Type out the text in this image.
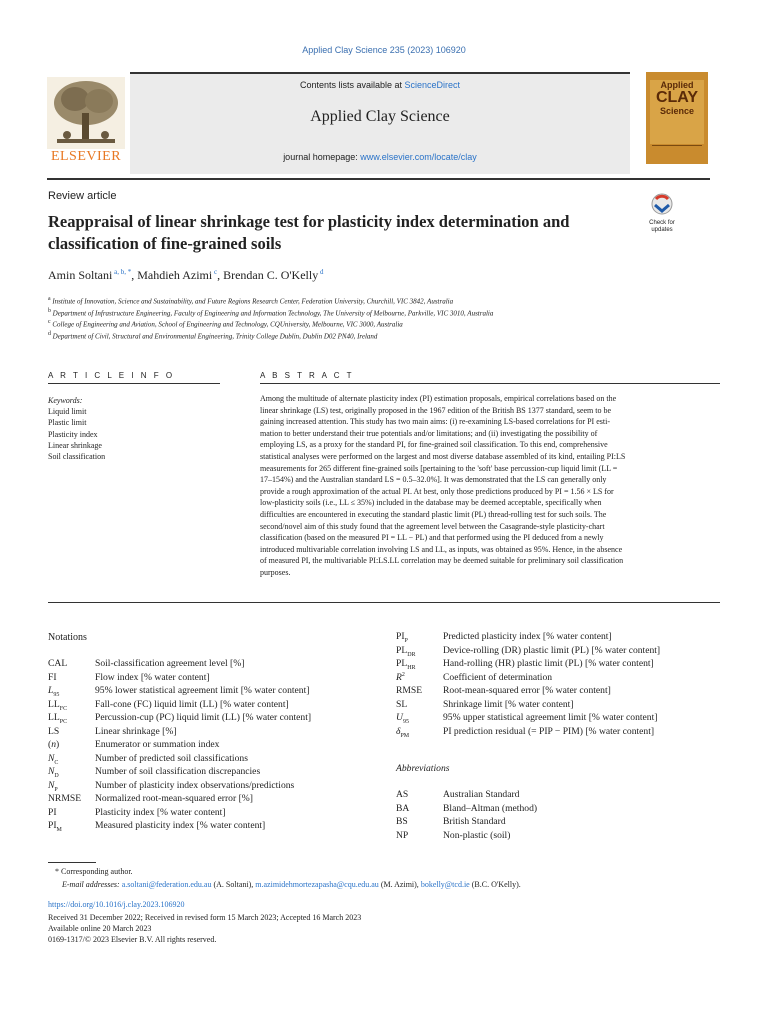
Applied Clay Science 235 (2023) 106920
ELSEVIER
Contents lists available at ScienceDirect
Applied Clay Science
journal homepage: www.elsevier.com/locate/clay
Applied
CLAY
Science
Review article
Reappraisal of linear shrinkage test for plasticity index determination and
classification of fine-grained soils
Check for updates
Amin Soltani $^{a, b, *}$, Mahdieh Azimi $^c$, Brendan C. O'Kelly $^d$
$^a$ Institute of Innovation, Science and Sustainability, and Future Regions Research Center, Federation University, Churchill, VIC 3842, Australia
$^b$ Department of Infrastructure Engineering, Faculty of Engineering and Information Technology, The University of Melbourne, Parkville, VIC 3010, Australia
$^c$ College of Engineering and Aviation, School of Engineering and Technology, CQUniversity, Melbourne, VIC 3000, Australia
$^d$ Department of Civil, Structural and Environmental Engineering, Trinity College Dublin, Dublin D02 PN40, Ireland
A R T I C L E I N F O	A B S T R A C T
Keywords:
Liquid limit
Plastic limit
Plasticity index
Linear shrinkage
Soil classification
Among the multitude of alternate plasticity index (PI) estimation proposals, empirical correlations based on the
linear shrinkage (LS) test, originally proposed in the 1967 edition of the British BS 1377 standard, seem to be
gaining increased attention. This study has two main aims: (i) re-examining LS-based correlations for PI esti-
mation to better understand their true potentials and/or limitations; and (ii) investigating the possibility of
employing LS, as a proxy for the standard PI, for fine-grained soil classification. To this end, comprehensive
statistical analyses were performed on the largest and most diverse database assembled of its kind, entailing PI:LS
measurements for 265 different fine-grained soils [pertaining to the 'soft' base percussion-cup liquid limit (LL =
17–154%) and the Australian standard LS = 0.5–32.0%]. It was demonstrated that the LS can generally only
provide a rough approximation of the actual PI. At best, only those predictions produced by PI = 1.56 × LS for
low-plasticity soils (i.e., LL ≤ 35%) included in the database may be deemed acceptable, specifically when
difficulties are encountered in executing the standard plastic limit (PL) thread-rolling test for such soils. The
second/novel aim of this study found that the agreement level between the Casagrande-style plasticity-chart
classification (based on the measured PI = LL − PL) and that performed using the PI deduced from a newly
introduced multivariable correlation involving LS and LL, as inputs, was obtained as 95%. Hence, in the absence
of measured PI, the multivariable PI:LS.LL correlation may be deemed suitable for preliminary soil classification
purposes.
Notations
CAL	Soil-classification agreement level [%]
FI	Flow index [% water content]
$L_{95}$	95% lower statistical agreement limit [% water content]
$LL_{FC}$	Fall-cone (FC) liquid limit (LL) [% water content]
$LL_{PC}$	Percussion-cup (PC) liquid limit (LL) [% water content]
LS	Linear shrinkage [%]
(n)	Enumerator or summation index
$N_C$	Number of predicted soil classifications
$N_D$	Number of soil classification discrepancies
$N_P$	Number of plasticity index observations/predictions
NRMSE Normalized root-mean-squared error [%]
PI	Plasticity index [% water content]
$PI_M$	Measured plasticity index [% water content]
$PI_P$	Predicted plasticity index [% water content]
$PL_{DR}$	Device-rolling (DR) plastic limit (PL) [% water content]
$PL_{HR}$	Hand-rolling (HR) plastic limit (PL) [% water content]
$R^2$	Coefficient of determination
RMSE Root-mean-squared error [% water content]
SL	Shrinkage limit [% water content]
$U_{95}$	95% upper statistical agreement limit [% water content]
$\delta_{PM}$	PI prediction residual (= PIP − PIM) [% water content]
Abbreviations
AS	Australian Standard
BA	Bland–Altman (method)
BS	British Standard
NP	Non-plastic (soil)
* Corresponding author.
E-mail addresses: a.soltani@federation.edu.au (A. Soltani), m.azimidehmortezapasha@cqu.edu.au (M. Azimi), bokelly@tcd.ie (B.C. O'Kelly).
https://doi.org/10.1016/j.clay.2023.106920
Received 31 December 2022; Received in revised form 15 March 2023; Accepted 16 March 2023
Available online 20 March 2023
0169-1317/© 2023 Elsevier B.V. All rights reserved.
